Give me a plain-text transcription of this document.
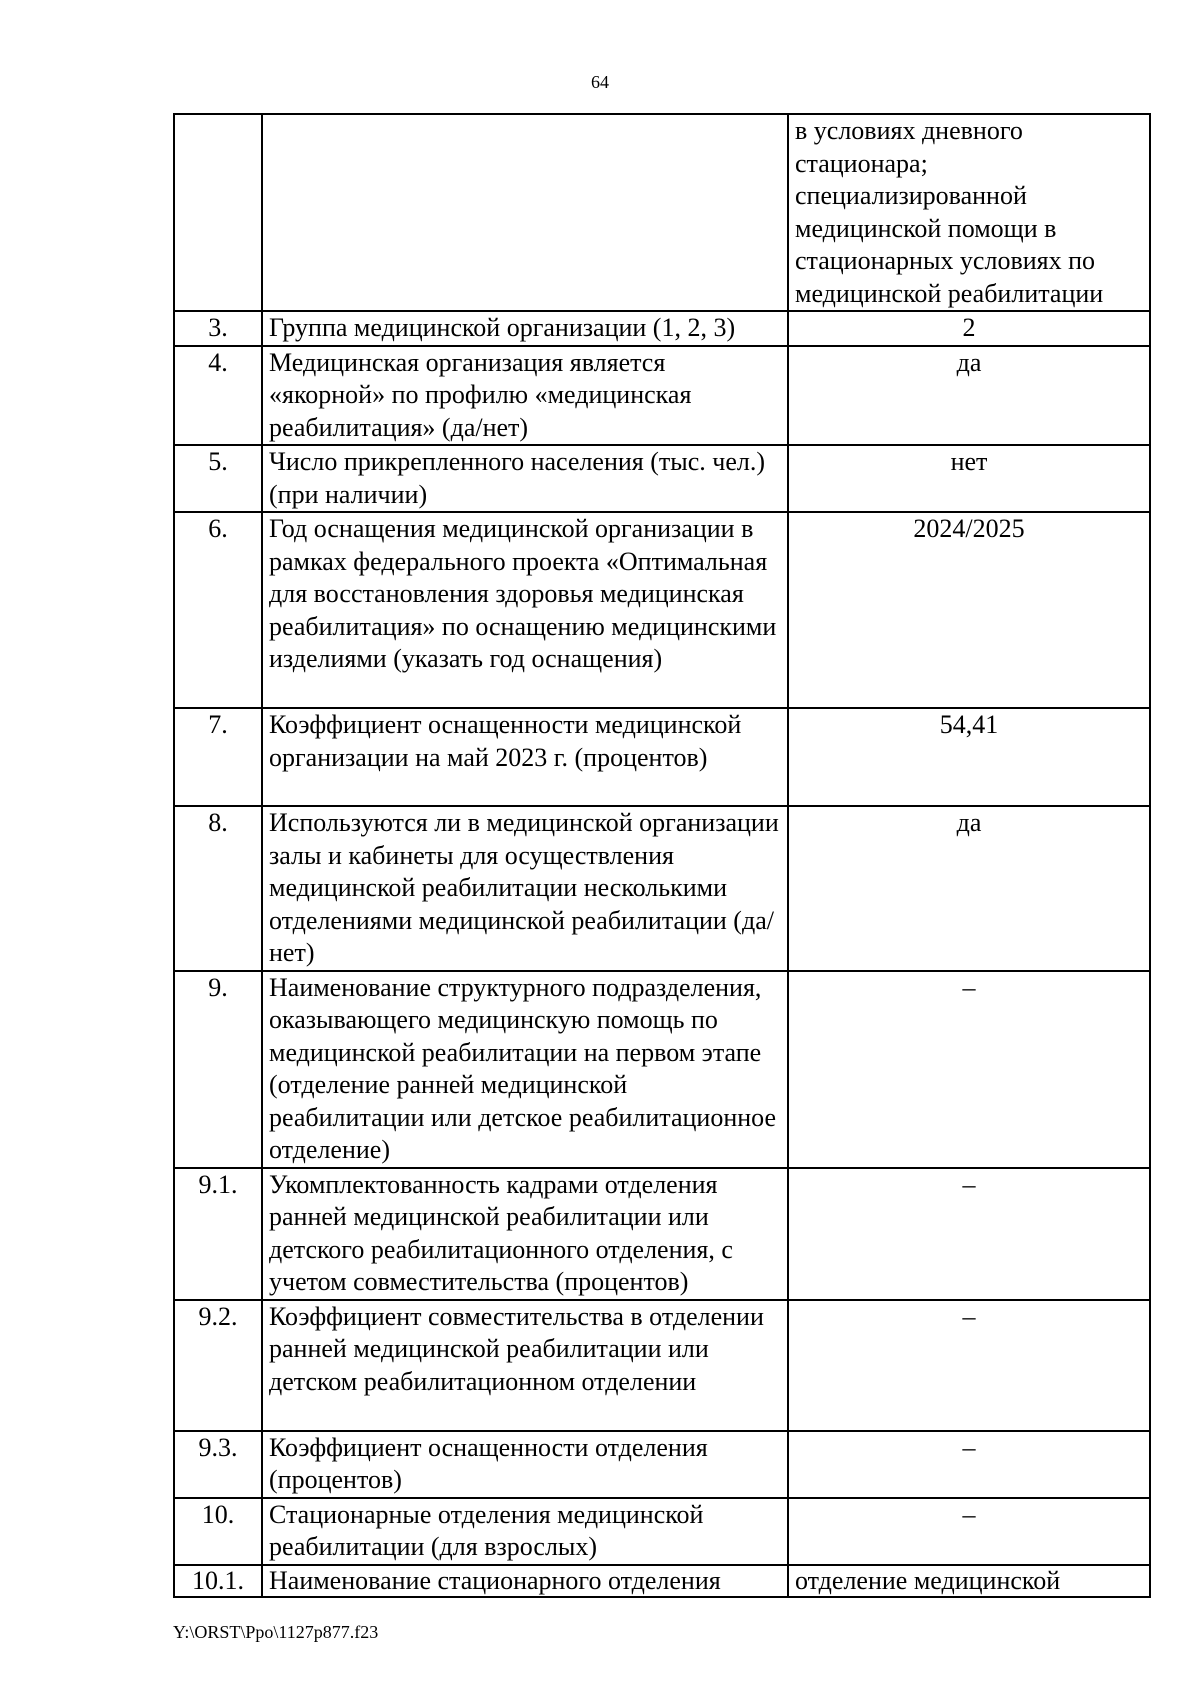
64
		в условиях дневного стационара; специализированной медицинской помощи в стационарных условиях по медицинской реабилитации
3.	Группа медицинской организации (1, 2, 3)	2
4.	Медицинская организация является «якорной» по профилю «медицинская реабилитация» (да/нет)	да
5.	Число прикрепленного населения (тыс. чел.) (при наличии)	нет
6.	Год оснащения медицинской организации в рамках федерального проекта «Оптимальная для восстановления здоровья медицинская реабилитация» по оснащению медицинскими изделиями (указать год оснащения)	2024/2025
7.	Коэффициент оснащенности медицинской организации на май 2023 г. (процентов)	54,41
8.	Используются ли в медицинской организации залы и кабинеты для осуществления медицинской реабилитации несколькими отделениями медицинской реабилитации (да/нет)	да
9.	Наименование структурного подразделения, оказывающего медицинскую помощь по медицинской реабилитации на первом этапе (отделение ранней медицинской реабилитации или детское реабилитационное отделение)	–
9.1.	Укомплектованность кадрами отделения ранней медицинской реабилитации или детского реабилитационного отделения, с учетом совместительства (процентов)	–
9.2.	Коэффициент совместительства в отделении ранней медицинской реабилитации или детском реабилитационном отделении	–
9.3.	Коэффициент оснащенности отделения (процентов)	–
10.	Стационарные отделения медицинской реабилитации (для взрослых)	–
10.1.	Наименование стационарного отделения	отделение медицинской
Y:\ORST\Ppo\1127p877.f23
